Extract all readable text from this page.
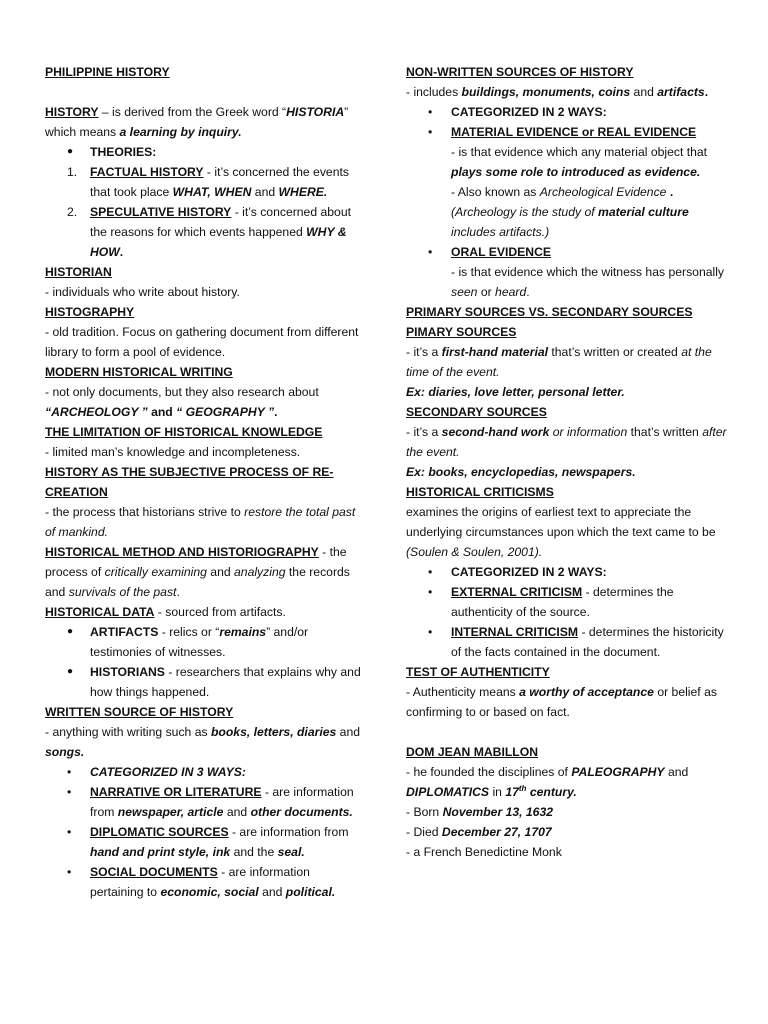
PHILIPPINE HISTORY

HISTORY – is derived from the Greek word “HISTORIA” which means a learning by inquiry.

● THEORIES:
1. FACTUAL HISTORY - it’s concerned the events that took place WHAT, WHEN and WHERE.
2. SPECULATIVE HISTORY - it’s concerned about the reasons for which events happened WHY & HOW.

HISTORIAN

- individuals who write about history.

HISTOGRAPHY

- old tradition. Focus on gathering document from different library to form a pool of evidence.

MODERN HISTORICAL WRITING

- not only documents, but they also research about “ARCHEOLOGY ” and “ GEOGRAPHY ”.

THE LIMITATION OF HISTORICAL KNOWLEDGE

- limited man’s knowledge and incompleteness.

HISTORY AS THE SUBJECTIVE PROCESS OF RE-CREATION

- the process that historians strive to restore the total past of mankind.

HISTORICAL METHOD AND HISTORIOGRAPHY - the process of critically examining and analyzing the records and survivals of the past.

HISTORICAL DATA - sourced from artifacts.

● ARTIFACTS - relics or “remains” and/or testimonies of witnesses.
● HISTORIANS - researchers that explains why and how things happened.

WRITTEN SOURCE OF HISTORY

- anything with writing such as books, letters, diaries and songs.

• CATEGORIZED IN 3 WAYS:
• NARRATIVE OR LITERATURE - are information from newspaper, article and other documents.
• DIPLOMATIC SOURCES - are information from hand and print style, ink and the seal.
• SOCIAL DOCUMENTS - are information pertaining to economic, social and political.

NON-WRITTEN SOURCES OF HISTORY

- includes buildings, monuments, coins and artifacts.

• CATEGORIZED IN 2 WAYS:
• MATERIAL EVIDENCE or REAL EVIDENCE
- is that evidence which any material object that plays some role to introduced as evidence.
- Also known as Archeological Evidence .
(Archeology is the study of material culture includes artifacts.)
• ORAL EVIDENCE
- is that evidence which the witness has personally seen or heard.

PRIMARY SOURCES VS. SECONDARY SOURCES

PIMARY SOURCES

- it’s a first-hand material that’s written or created at the time of the event.

Ex: diaries, love letter, personal letter.

SECONDARY SOURCES

- it’s a second-hand work or information that’s written after the event.

Ex: books, encyclopedias, newspapers.

HISTORICAL CRITICISMS

examines the origins of earliest text to appreciate the underlying circumstances upon which the text came to be (Soulen & Soulen, 2001).

• CATEGORIZED IN 2 WAYS:
• EXTERNAL CRITICISM - determines the authenticity of the source.
• INTERNAL CRITICISM - determines the historicity of the facts contained in the document.

TEST OF AUTHENTICITY

- Authenticity means a worthy of acceptance or belief as confirming to or based on fact.

DOM JEAN MABILLON

- he founded the disciplines of PALEOGRAPHY and DIPLOMATICS in 17th century.

- Born November 13, 1632

- Died December 27, 1707

- a French Benedictine Monk
